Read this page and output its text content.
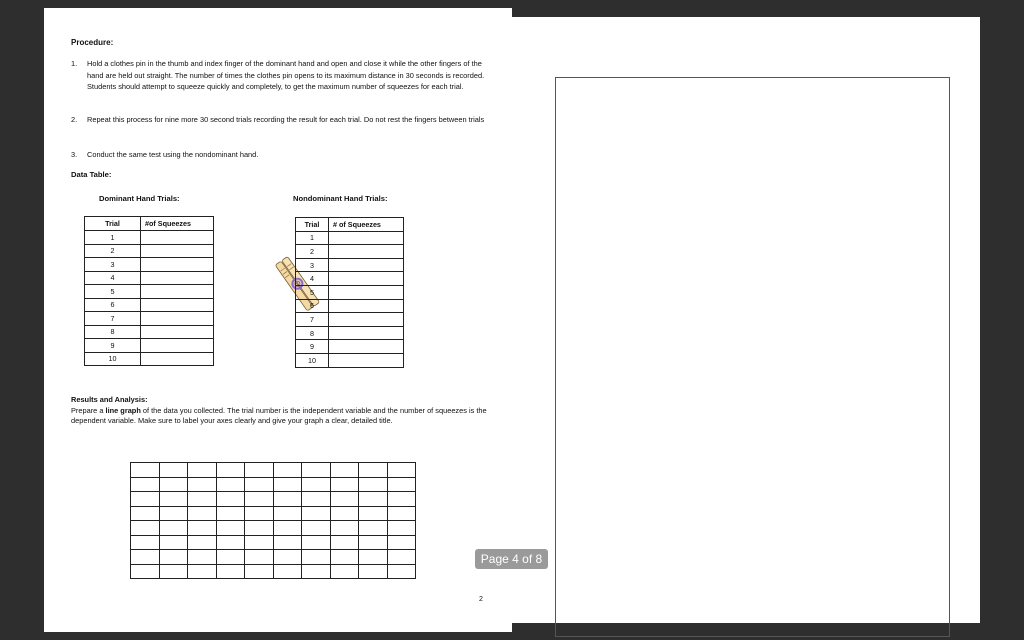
Procedure:
1. Hold a clothes pin in the thumb and index finger of the dominant hand and open and close it while the other fingers of the hand are held out straight. The number of times the clothes pin opens to its maximum distance in 30 seconds is recorded. Students should attempt to squeeze quickly and completely, to get the maximum number of squeezes for each trial.
2. Repeat this process for nine more 30 second trials recording the result for each trial. Do not rest the fingers between trials
3. Conduct the same test using the nondominant hand.

Data Table:

Dominant Hand Trials:	Nondominant Hand Trials:

Trial	#of Squeezes
1	
2	
3	
4	
5	
6	
7	
8	
9	
10	
Trial	# of Squeezes
1	
2	
3	
4	
5	
6	
7	
8	
9	
10	
Results and Analysis:
Prepare a line graph of the data you collected. The trial number is the independent variable and the number of squeezes is the dependent variable. Make sure to label your axes clearly and give your graph a clear, detailed title.

2
Page 4 of 8
